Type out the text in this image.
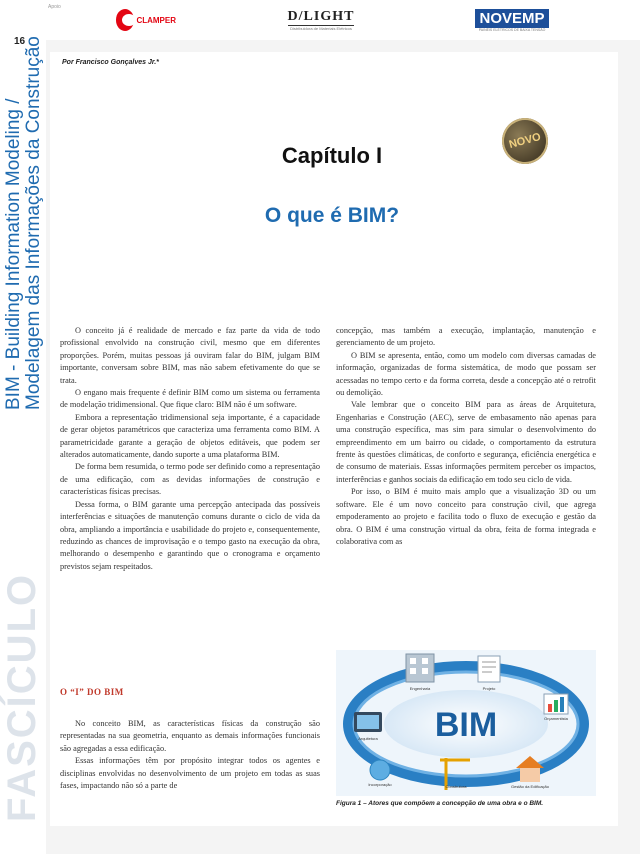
16
BIM - Building Information Modeling / Modelagem das Informações da Construção
FASCÍCULO
Apoio
CLAMPER	D/LIGHT
Distribuidora de Materiais Elétricos
NOVEMP
PAINÉIS ELÉTRICOS DE BAIXA TENSÃO
Por Francisco Gonçalves Jr.*
Capítulo I
O que é BIM?
NOVO

O conceito já é realidade de mercado e faz parte da vida de todo profissional envolvido na construção civil, mesmo que em diferentes proporções. Porém, muitas pessoas já ouviram falar do BIM, julgam BIM importante, conversam sobre BIM, mas não sabem efetivamente do que se trata.

O engano mais frequente é definir BIM como um sistema ou ferramenta de modelação tridimensional. Que fique claro: BIM não é um software.

Embora a representação tridimensional seja importante, é a capacidade de gerar objetos paramétricos que caracteriza uma ferramenta como BIM. A parametricidade garante a geração de objetos editáveis, que podem ser alterados automaticamente, dando suporte a uma plataforma BIM.

De forma bem resumida, o termo pode ser definido como a representação de uma edificação, com as devidas informações de construção e características físicas precisas.

Dessa forma, o BIM garante uma percepção antecipada das possíveis interferências e situações de manutenção comuns durante o ciclo de vida da obra, ampliando a importância e usabilidade do projeto e, consequentemente, reduzindo as chances de improvisação e o tempo gasto na execução da obra, melhorando o desempenho e garantindo que o cronograma e orçamento previstos sejam respeitados.

O “I” DO BIM

No conceito BIM, as características físicas da construção são representadas na sua geometria, enquanto as demais informações funcionais são agregadas a essa edificação.

Essas informações têm por propósito integrar todos os agentes e disciplinas envolvidas no desenvolvimento de um projeto em todas as suas fases, impactando não só a parte de

concepção, mas também a execução, implantação, manutenção e gerenciamento de um projeto.

O BIM se apresenta, então, como um modelo com diversas camadas de informação, organizadas de forma sistemática, de modo que possam ser acessadas no tempo certo e da forma correta, desde a concepção até o retrofit ou demolição.

Vale lembrar que o conceito BIM para as áreas de Arquitetura, Engenharias e Construção (AEC), serve de embasamento não apenas para uma construção específica, mas sim para simular o desenvolvimento do empreendimento em um bairro ou cidade, o comportamento da estrutura frente às questões climáticas, de conforto e segurança, eficiência energética e de consumo de materiais. Essas informações permitem perceber os impactos, interferências e ganhos sociais da edificação em todo seu ciclo de vida.

Por isso, o BIM é muito mais amplo que a visualização 3D ou um software. Ele é um novo conceito para construção civil, que agrega empoderamento ao projeto e facilita todo o fluxo de execução e gestão da obra. O BIM é uma construção virtual da obra, feita de forma integrada e colaborativa com as

BIM
Engenharia	Projeto
Orçamentista
Gestão da Edificação
Construtora
Incorporação
Arquitetura
Figura 1 – Atores que compõem a concepção de uma obra e o BIM.
